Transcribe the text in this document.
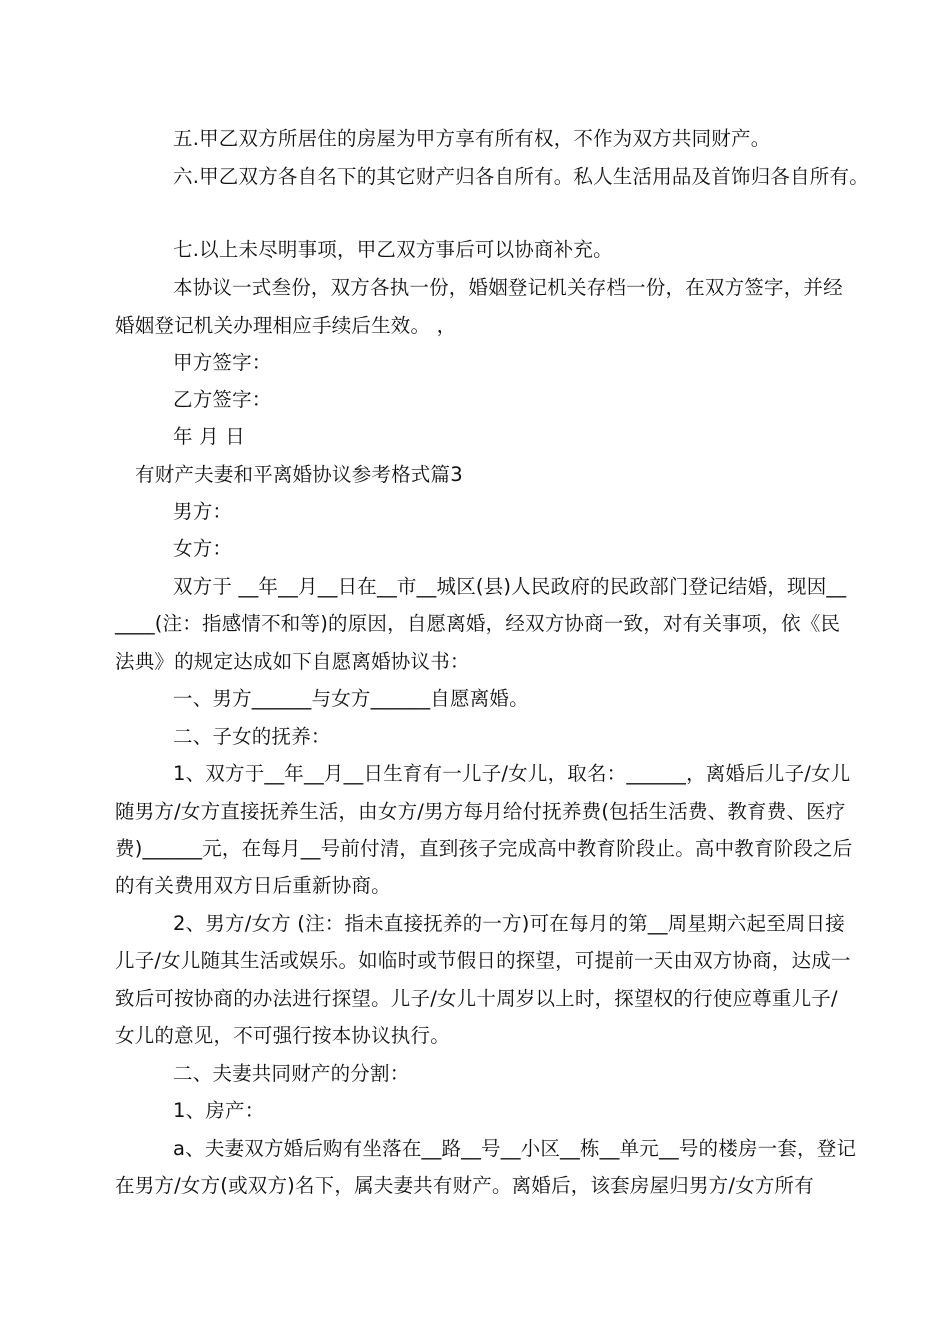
五.甲乙双方所居住的房屋为甲方享有所有权，不作为双方共同财产。
六.甲乙双方各自名下的其它财产归各自所有。私人生活用品及首饰归各自所有。
七.以上未尽明事项，甲乙双方事后可以协商补充。
本协议一式叁份，双方各执一份，婚姻登记机关存档一份，在双方签字，并经
婚姻登记机关办理相应手续后生效。 ，
甲方签字：
乙方签字：
年 月 日
有财产夫妻和平离婚协议参考格式篇3
男方：
女方：
双方于 __年__月__日在__市__城区(县)人民政府的民政部门登记结婚，现因__
____(注：指感情不和等)的原因，自愿离婚，经双方协商一致，对有关事项，依《民
法典》的规定达成如下自愿离婚协议书：
一、男方______与女方______自愿离婚。
二、子女的抚养：
1、双方于__年__月__日生育有一儿子/女儿，取名：______，离婚后儿子/女儿
随男方/女方直接抚养生活，由女方/男方每月给付抚养费(包括生活费、教育费、医疗
费)______元，在每月__号前付清，直到孩子完成高中教育阶段止。高中教育阶段之后
的有关费用双方日后重新协商。
2、男方/女方 (注：指未直接抚养的一方)可在每月的第__周星期六起至周日接
儿子/女儿随其生活或娱乐。如临时或节假日的探望，可提前一天由双方协商，达成一
致后可按协商的办法进行探望。儿子/女儿十周岁以上时，探望权的行使应尊重儿子/
女儿的意见，不可强行按本协议执行。
二、夫妻共同财产的分割：
1、房产：
a、夫妻双方婚后购有坐落在__路__号__小区__栋__单元__号的楼房一套，登记
在男方/女方(或双方)名下，属夫妻共有财产。离婚后，该套房屋归男方/女方所有
